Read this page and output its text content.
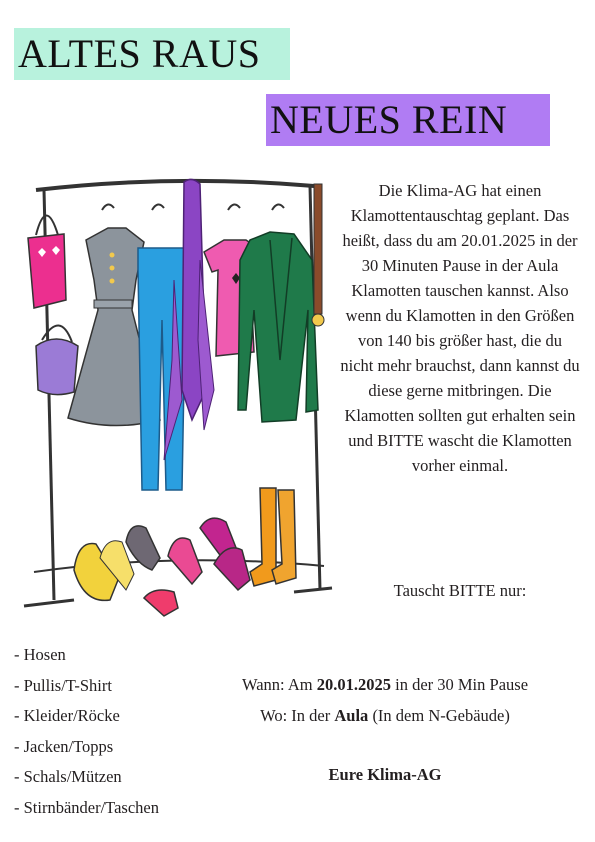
ALTES RAUS
NEUES REIN

Die Klima-AG hat einen Klamottentauschtag geplant. Das heißt, dass du am 20.01.2025 in der 30 Minuten Pause in der Aula Klamotten tauschen kannst. Also wenn du Klamotten in den Größen von 140 bis größer hast, die du nicht mehr brauchst, dann kannst du diese gerne mitbringen. Die Klamotten sollten gut erhalten sein und BITTE wascht die Klamotten vorher einmal.

Tauscht BITTE nur:

- Hosen
- Pullis/T-Shirt
- Kleider/Röcke
- Jacken/Topps
- Schals/Mützen
- Stirnbänder/Taschen
Wann: Am 20.01.2025 in der 30 Min Pause
Wo: In der Aula (In dem N-Gebäude)
Eure Klima-AG
